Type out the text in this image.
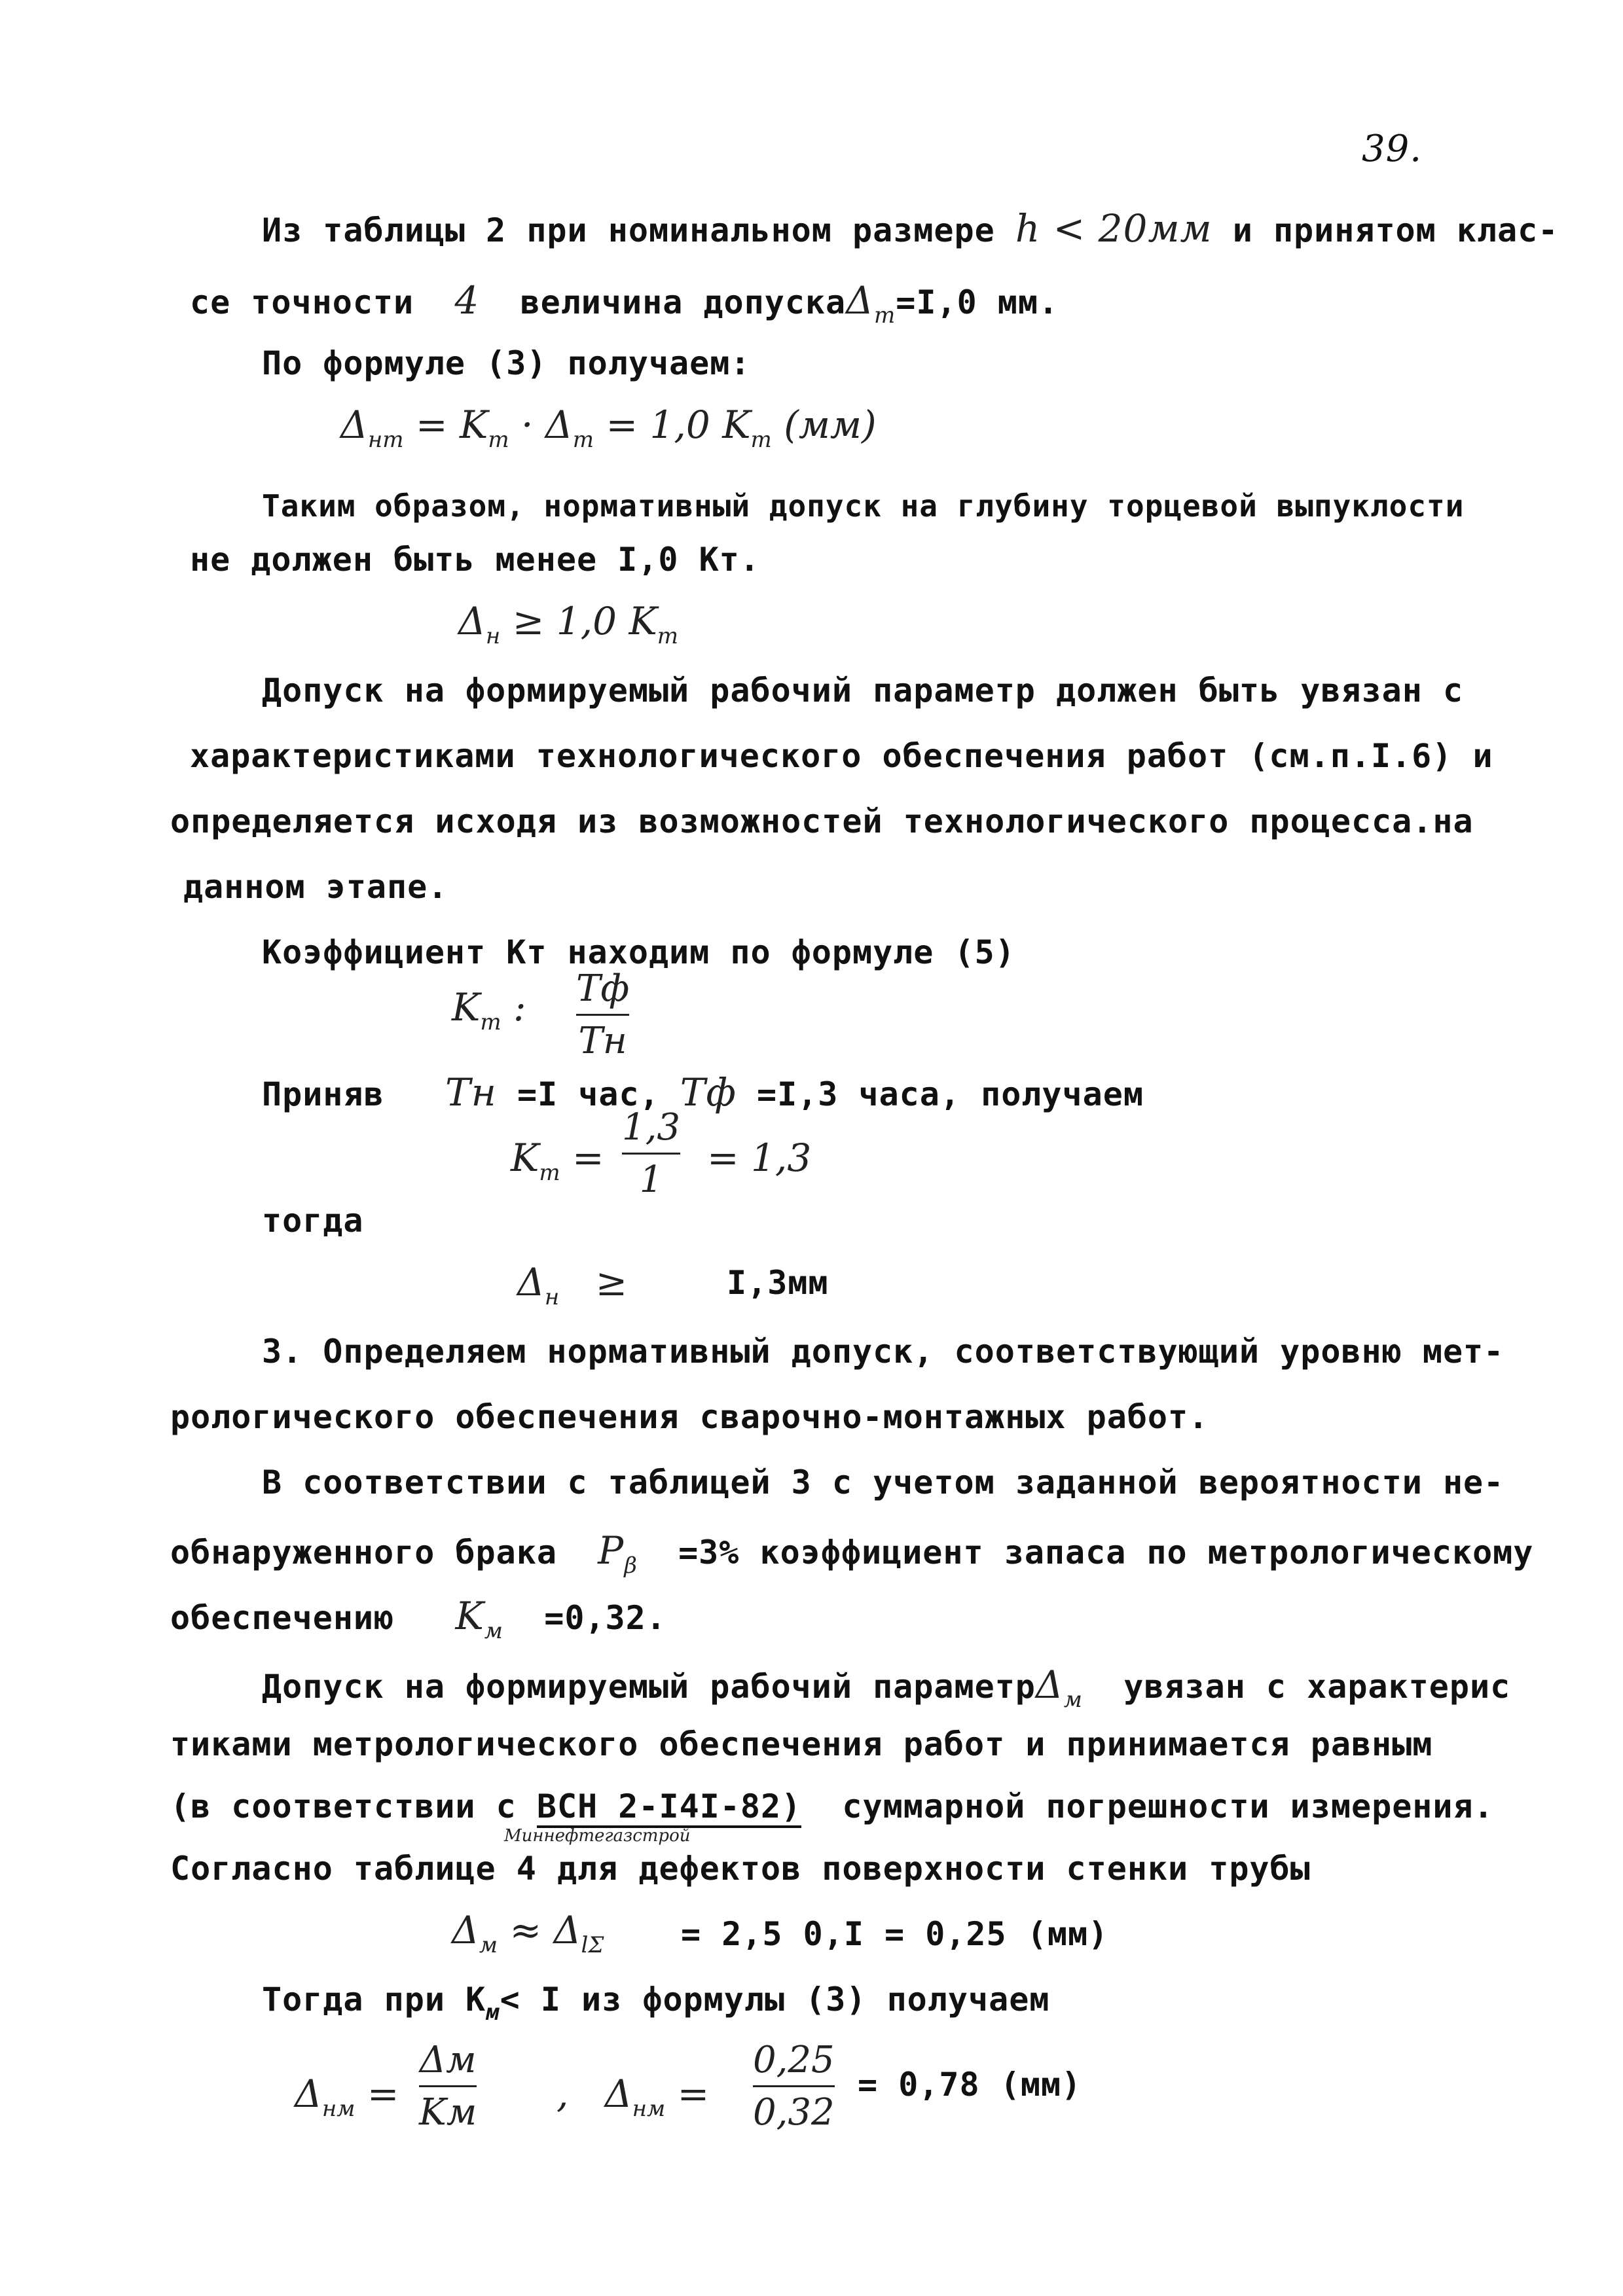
39.
Из таблицы 2 при номинальном размере h < 20мм и принятом клас-
се точности 4 величина допускаΔ$_т$=I,0 мм.
По формуле (3) получаем:
$\Delta_{нт} = K_т \cdot \Delta_т = 1,0$ $K_т$ (мм)
Таким образом, нормативный допуск на глубину торцевой выпуклости
не должен быть менее I,0 Кт.
$\Delta_н \ge 1,0$ $K_т$
Допуск на формируемый рабочий параметр должен быть увязан с
характеристиками технологического обеспечения работ (см.п.I.6) и
определяется исходя из возможностей технологического процесса.на
данном этапе.
Коэффициент Кт находим по формуле (5)
$K_т$ : Tф
Tн
Приняв Tн =I час, Tф =I,3 часа, получаем
$K_т$ =
1,3
1 = 1,3
тогда
$\Delta_н$ ≥	I,3мм
3. Определяем нормативный допуск, соответствующий уровню мет-
рологического обеспечения сварочно-монтажных работ.
В соответствии с таблицей 3 с учетом заданной вероятности не-
обнаруженного брака $P_\beta =3\%$ коэффициент запаса по метрологическому
обеспечению $K_м =0,32$.
Допуск на формируемый рабочий параметрΔ$_м$ увязан с характерис
тиками метрологического обеспечения работ и принимается равным
(в соответствии с ВСН 2-I4I-82) суммарной погрешности измерения.
Миннефтегазстрой
Согласно таблице 4 для дефектов поверхности стенки трубы
$\Delta_м \approx \Delta_{l\Sigma} = 2,5$ 0,I = 0,25 (мм)
Тогда при $К_м< I$ из формулы (3) получаем
$\Delta_{нм}$ =
Δм
Kм , $\Delta_{нм}$ =
0,25
0,32
= 0,78 (мм)
